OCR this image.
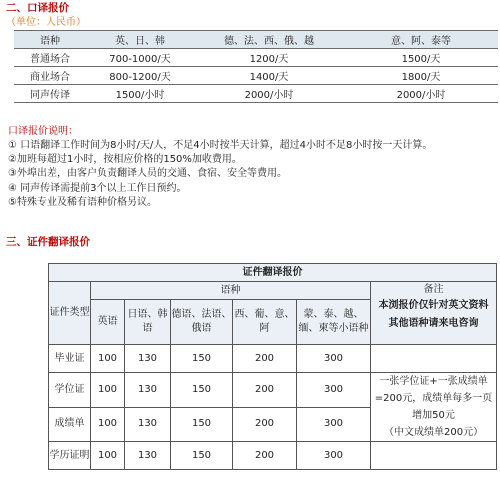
二、口译报价
（单位：人民币）
语种	英、日、韩	德、法、西、俄、越	意、阿、泰等
普通场合	700-1000/天	1200/天	1500/天
商业场合	800-1200/天	1400/天	1800/天
同声传译	1500/小时	2000/小时	2000/小时
口译报价说明：
① 口语翻译工作时间为8小时/天/人，不足4小时按半天计算，超过4小时不足8小时按一天计算。
②加班每超过1小时，按相应价格的150%加收费用。
③外埠出差，由客户负责翻译人员的交通、食宿、安全等费用。
④ 同声传译需提前3个以上工作日预约。
⑤特殊专业及稀有语种价格另议。
三、证件翻译报价
证件翻译报价						
证件类型	语种					备注
本浏报价仅针对英文资料
其他语种请来电咨询

	英语	日语、韩语	德语、法语、俄语	西、葡、意、阿	蒙、泰、越、缅、柬等小语种	
毕业证	100	130	150	200	300	
学位证	100	130	150	200	300	一张学位证+一张成绩单
=200元，成绩单每多一页
增加50元
（中文成绩单200元）

成绩单	100	130	150	200	300	
学历证明	100	130	150	200	300	
